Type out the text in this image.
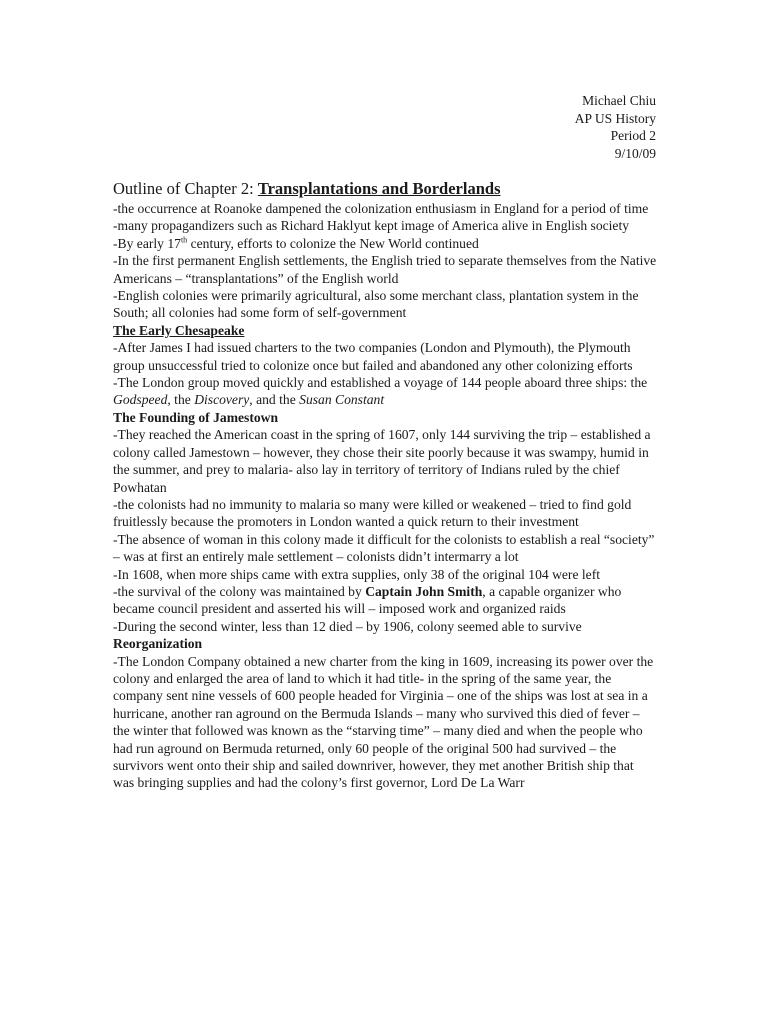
Michael Chiu
AP US History
Period 2
9/10/09
Outline of Chapter 2: Transplantations and Borderlands

-the occurrence at Roanoke dampened the colonization enthusiasm in England for a period of time

-many propagandizers such as Richard Haklyut kept image of America alive in English society

-By early 17th century, efforts to colonize the New World continued

-In the first permanent English settlements, the English tried to separate themselves from the Native Americans – “transplantations” of the English world

-English colonies were primarily agricultural, also some merchant class, plantation system in the South; all colonies had some form of self-government

The Early Chesapeake

-After James I had issued charters to the two companies (London and Plymouth), the Plymouth group unsuccessful tried to colonize once but failed and abandoned any other colonizing efforts

-The London group moved quickly and established a voyage of 144 people aboard three ships: the Godspeed, the Discovery, and the Susan Constant

The Founding of Jamestown

-They reached the American coast in the spring of 1607, only 144 surviving the trip – established a colony called Jamestown – however, they chose their site poorly because it was swampy, humid in the summer, and prey to malaria- also lay in territory of territory of Indians ruled by the chief Powhatan

-the colonists had no immunity to malaria so many were killed or weakened – tried to find gold fruitlessly because the promoters in London wanted a quick return to their investment

-The absence of woman in this colony made it difficult for the colonists to establish a real “society” – was at first an entirely male settlement – colonists didn’t intermarry a lot

-In 1608, when more ships came with extra supplies, only 38 of the original 104 were left

-the survival of the colony was maintained by Captain John Smith, a capable organizer who became council president and asserted his will – imposed work and organized raids

-During the second winter, less than 12 died – by 1906, colony seemed able to survive

Reorganization

-The London Company obtained a new charter from the king in 1609, increasing its power over the colony and enlarged the area of land to which it had title- in the spring of the same year, the company sent nine vessels of 600 people headed for Virginia – one of the ships was lost at sea in a hurricane, another ran aground on the Bermuda Islands – many who survived this died of fever – the winter that followed was known as the “starving time” – many died and when the people who had run aground on Bermuda returned, only 60 people of the original 500 had survived – the survivors went onto their ship and sailed downriver, however, they met another British ship that was bringing supplies and had the colony’s first governor, Lord De La Warr
